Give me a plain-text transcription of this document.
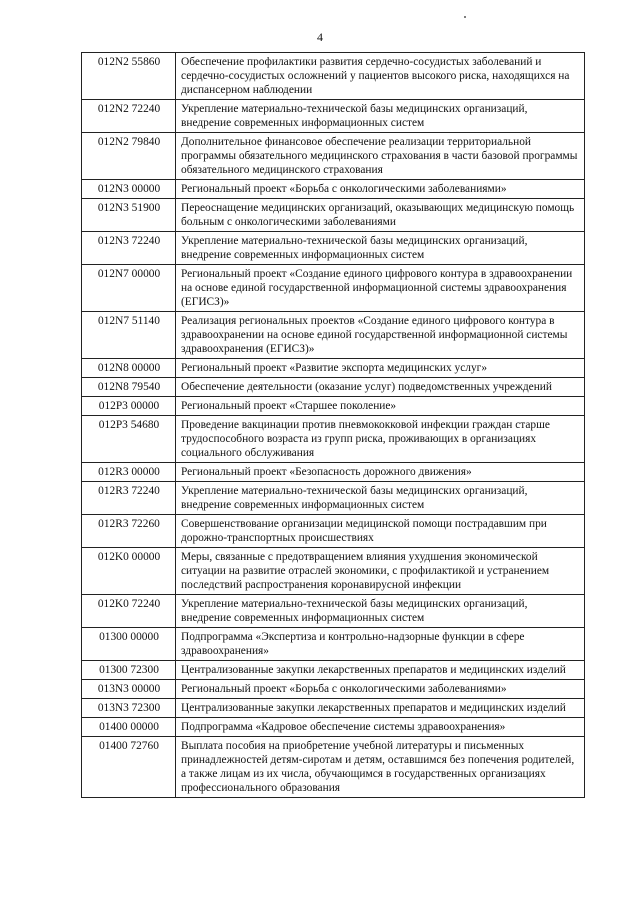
4
012N2 55860	Обеспечение профилактики развития сердечно-сосудистых заболеваний и сердечно-сосудистых осложнений у пациентов высокого риска, находящихся на диспансерном наблюдении
012N2 72240	Укрепление материально-технической базы медицинских организаций, внедрение современных информационных систем
012N2 79840	Дополнительное финансовое обеспечение реализации территориальной программы обязательного медицинского страхования в части базовой программы обязательного медицинского страхования
012N3 00000	Региональный проект «Борьба с онкологическими заболеваниями»
012N3 51900	Переоснащение медицинских организаций, оказывающих медицинскую помощь больным с онкологическими заболеваниями
012N3 72240	Укрепление материально-технической базы медицинских организаций, внедрение современных информационных систем
012N7 00000	Региональный проект «Создание единого цифрового контура в здравоохранении на основе единой государственной информационной системы здравоохранения (ЕГИСЗ)»
012N7 51140	Реализация региональных проектов «Создание единого цифрового контура в здравоохранении на основе единой государственной информационной системы здравоохранения (ЕГИСЗ)»
012N8 00000	Региональный проект «Развитие экспорта медицинских услуг»
012N8 79540	Обеспечение деятельности (оказание услуг) подведомственных учреждений
012P3 00000	Региональный проект «Старшее поколение»
012P3 54680	Проведение вакцинации против пневмококковой инфекции граждан старше трудоспособного возраста из групп риска, проживающих в организациях социального обслуживания
012R3 00000	Региональный проект «Безопасность дорожного движения»
012R3 72240	Укрепление материально-технической базы медицинских организаций, внедрение современных информационных систем
012R3 72260	Совершенствование организации медицинской помощи пострадавшим при дорожно-транспортных происшествиях
012K0 00000	Меры, связанные с предотвращением влияния ухудшения экономической ситуации на развитие отраслей экономики, с профилактикой и устранением последствий распространения коронавирусной инфекции
012K0 72240	Укрепление материально-технической базы медицинских организаций, внедрение современных информационных систем
01300 00000	Подпрограмма «Экспертиза и контрольно-надзорные функции в сфере здравоохранения»
01300 72300	Централизованные закупки лекарственных препаратов и медицинских изделий
013N3 00000	Региональный проект «Борьба с онкологическими заболеваниями»
013N3 72300	Централизованные закупки лекарственных препаратов и медицинских изделий
01400 00000	Подпрограмма «Кадровое обеспечение системы здравоохранения»
01400 72760	Выплата пособия на приобретение учебной литературы и письменных принадлежностей детям-сиротам и детям, оставшимся без попечения родителей, а также лицам из их числа, обучающимся в государственных организациях профессионального образования
